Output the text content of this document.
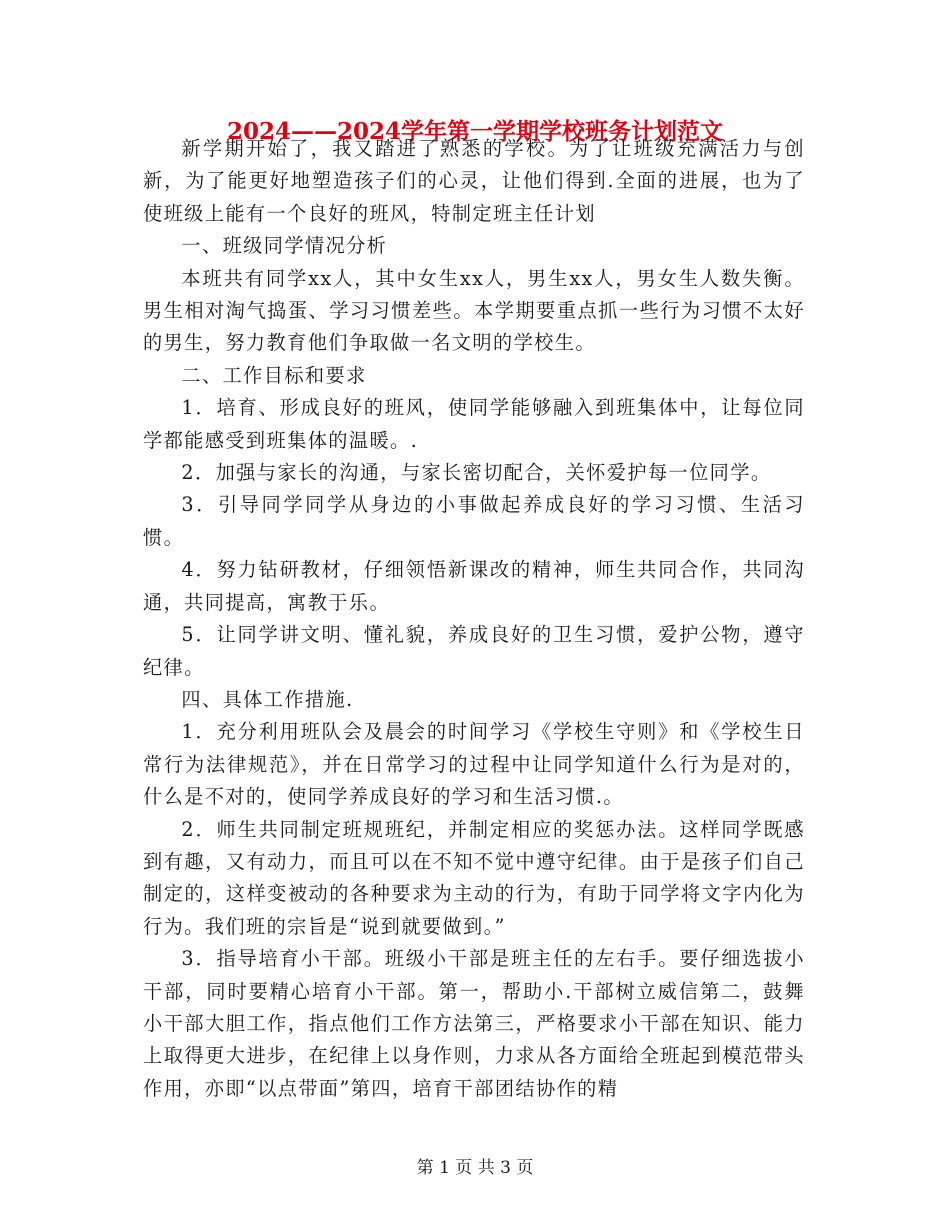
2024——2024学年第一学期学校班务计划范文

新学期开始了，我又踏进了熟悉的学校。为了让班级充满活力与创新，为了能更好地塑造孩子们的心灵，让他们得到.全面的进展，也为了使班级上能有一个良好的班风，特制定班主任计划

一、班级同学情况分析

本班共有同学xx人，其中女生xx人，男生xx人，男女生人数失衡。男生相对淘气捣蛋、学习习惯差些。本学期要重点抓一些行为习惯不太好的男生，努力教育他们争取做一名文明的学校生。

二、工作目标和要求

1．培育、形成良好的班风，使同学能够融入到班集体中，让每位同学都能感受到班集体的温暖。.

2．加强与家长的沟通，与家长密切配合，关怀爱护每一位同学。

3．引导同学同学从身边的小事做起养成良好的学习习惯、生活习惯。

4．努力钻研教材，仔细领悟新课改的精神，师生共同合作，共同沟通，共同提高，寓教于乐。

5．让同学讲文明、懂礼貌，养成良好的卫生习惯，爱护公物，遵守纪律。

四、具体工作措施.

1．充分利用班队会及晨会的时间学习《学校生守则》和《学校生日常行为法律规范》，并在日常学习的过程中让同学知道什么行为是对的，什么是不对的，使同学养成良好的学习和生活习惯.。

2．师生共同制定班规班纪，并制定相应的奖惩办法。这样同学既感到有趣，又有动力，而且可以在不知不觉中遵守纪律。由于是孩子们自己制定的，这样变被动的各种要求为主动的行为，有助于同学将文字内化为行为。我们班的宗旨是“说到就要做到。”

3．指导培育小干部。班级小干部是班主任的左右手。要仔细选拔小干部，同时要精心培育小干部。第一，帮助小.干部树立威信第二，鼓舞小干部大胆工作，指点他们工作方法第三，严格要求小干部在知识、能力上取得更大进步，在纪律上以身作则，力求从各方面给全班起到模范带头作用，亦即“以点带面”第四，培育干部团结协作的精

第 1 页 共 3 页
